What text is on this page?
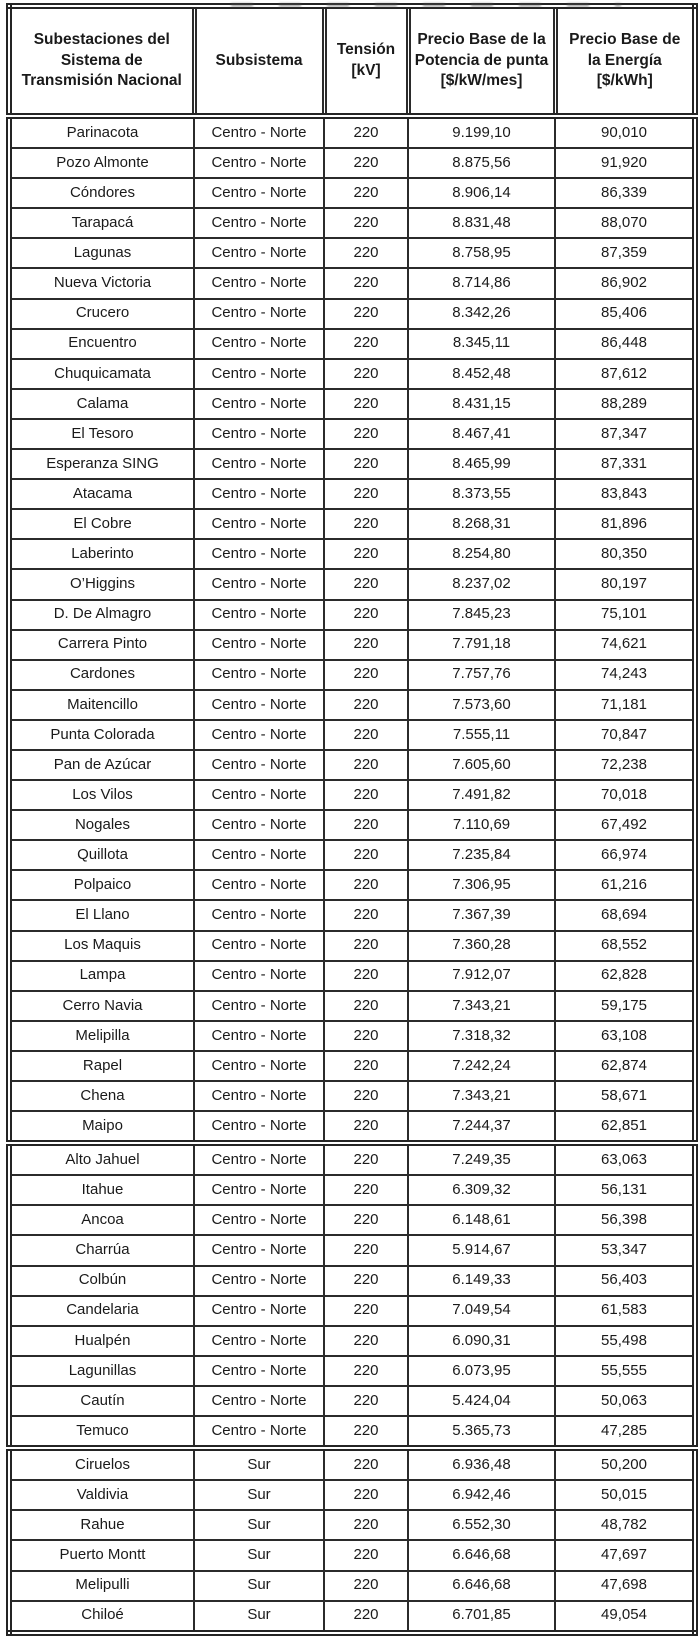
Subestaciones del Sistema de Transmisión Nacional	Subsistema	Tensión [kV]	Precio Base de la Potencia de punta [$/kW/mes]	Precio Base de la Energía [$/kWh]
Parinacota	Centro - Norte	220	9.199,10	90,010
Pozo Almonte	Centro - Norte	220	8.875,56	91,920
Cóndores	Centro - Norte	220	8.906,14	86,339
Tarapacá	Centro - Norte	220	8.831,48	88,070
Lagunas	Centro - Norte	220	8.758,95	87,359
Nueva Victoria	Centro - Norte	220	8.714,86	86,902
Crucero	Centro - Norte	220	8.342,26	85,406
Encuentro	Centro - Norte	220	8.345,11	86,448
Chuquicamata	Centro - Norte	220	8.452,48	87,612
Calama	Centro - Norte	220	8.431,15	88,289
El Tesoro	Centro - Norte	220	8.467,41	87,347
Esperanza SING	Centro - Norte	220	8.465,99	87,331
Atacama	Centro - Norte	220	8.373,55	83,843
El Cobre	Centro - Norte	220	8.268,31	81,896
Laberinto	Centro - Norte	220	8.254,80	80,350
O’Higgins	Centro - Norte	220	8.237,02	80,197
D. De Almagro	Centro - Norte	220	7.845,23	75,101
Carrera Pinto	Centro - Norte	220	7.791,18	74,621
Cardones	Centro - Norte	220	7.757,76	74,243
Maitencillo	Centro - Norte	220	7.573,60	71,181
Punta Colorada	Centro - Norte	220	7.555,11	70,847
Pan de Azúcar	Centro - Norte	220	7.605,60	72,238
Los Vilos	Centro - Norte	220	7.491,82	70,018
Nogales	Centro - Norte	220	7.110,69	67,492
Quillota	Centro - Norte	220	7.235,84	66,974
Polpaico	Centro - Norte	220	7.306,95	61,216
El Llano	Centro - Norte	220	7.367,39	68,694
Los Maquis	Centro - Norte	220	7.360,28	68,552
Lampa	Centro - Norte	220	7.912,07	62,828
Cerro Navia	Centro - Norte	220	7.343,21	59,175
Melipilla	Centro - Norte	220	7.318,32	63,108
Rapel	Centro - Norte	220	7.242,24	62,874
Chena	Centro - Norte	220	7.343,21	58,671
Maipo	Centro - Norte	220	7.244,37	62,851
Alto Jahuel	Centro - Norte	220	7.249,35	63,063
Itahue	Centro - Norte	220	6.309,32	56,131
Ancoa	Centro - Norte	220	6.148,61	56,398
Charrúa	Centro - Norte	220	5.914,67	53,347
Colbún	Centro - Norte	220	6.149,33	56,403
Candelaria	Centro - Norte	220	7.049,54	61,583
Hualpén	Centro - Norte	220	6.090,31	55,498
Lagunillas	Centro - Norte	220	6.073,95	55,555
Cautín	Centro - Norte	220	5.424,04	50,063
Temuco	Centro - Norte	220	5.365,73	47,285
Ciruelos	Sur	220	6.936,48	50,200
Valdivia	Sur	220	6.942,46	50,015
Rahue	Sur	220	6.552,30	48,782
Puerto Montt	Sur	220	6.646,68	47,697
Melipulli	Sur	220	6.646,68	47,698
Chiloé	Sur	220	6.701,85	49,054
